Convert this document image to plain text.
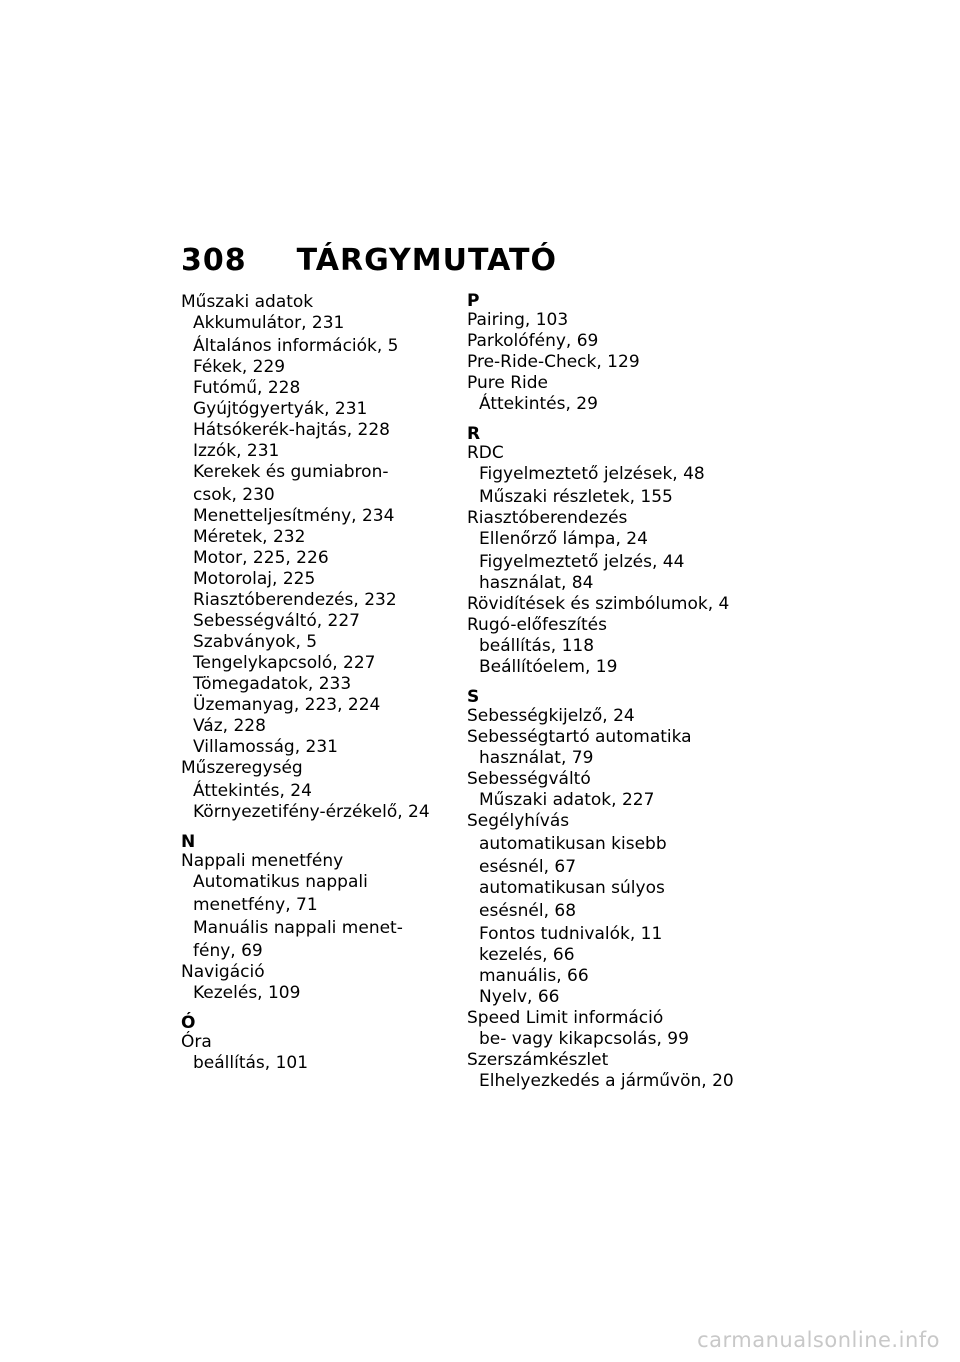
308 TÁRGYMUTATÓ
Műszaki adatok
Akkumulátor, 231
Általános információk, 5
Fékek, 229
Futómű, 228
Gyújtógyertyák, 231
Hátsókerék-hajtás, 228
Izzók, 231
Kerekek és gumiabron-
csok, 230
Menetteljesítmény, 234
Méretek, 232
Motor, 225, 226
Motorolaj, 225
Riasztóberendezés, 232
Sebességváltó, 227
Szabványok, 5
Tengelykapcsoló, 227
Tömegadatok, 233
Üzemanyag, 223, 224
Váz, 228
Villamosság, 231
Műszeregység
Áttekintés, 24
Környezetifény-érzékelő, 24
N
Nappali menetfény
Automatikus nappali
menetfény, 71
Manuális nappali menet-
fény, 69
Navigáció
Kezelés, 109
Ó
Óra
beállítás, 101
P
Pairing, 103
Parkolófény, 69
Pre-Ride-Check, 129
Pure Ride
Áttekintés, 29
R
RDC
Figyelmeztető jelzések, 48
Műszaki részletek, 155
Riasztóberendezés
Ellenőrző lámpa, 24
Figyelmeztető jelzés, 44
használat, 84
Rövidítések és szimbólumok, 4
Rugó-előfeszítés
beállítás, 118
Beállítóelem, 19
S
Sebességkijelző, 24
Sebességtartó automatika
használat, 79
Sebességváltó
Műszaki adatok, 227
Segélyhívás
automatikusan kisebb
esésnél, 67
automatikusan súlyos
esésnél, 68
Fontos tudnivalók, 11
kezelés, 66
manuális, 66
Nyelv, 66
Speed Limit információ
be- vagy kikapcsolás, 99
Szerszámkészlet
Elhelyezkedés a járművön, 20
carmanualsonline.info
